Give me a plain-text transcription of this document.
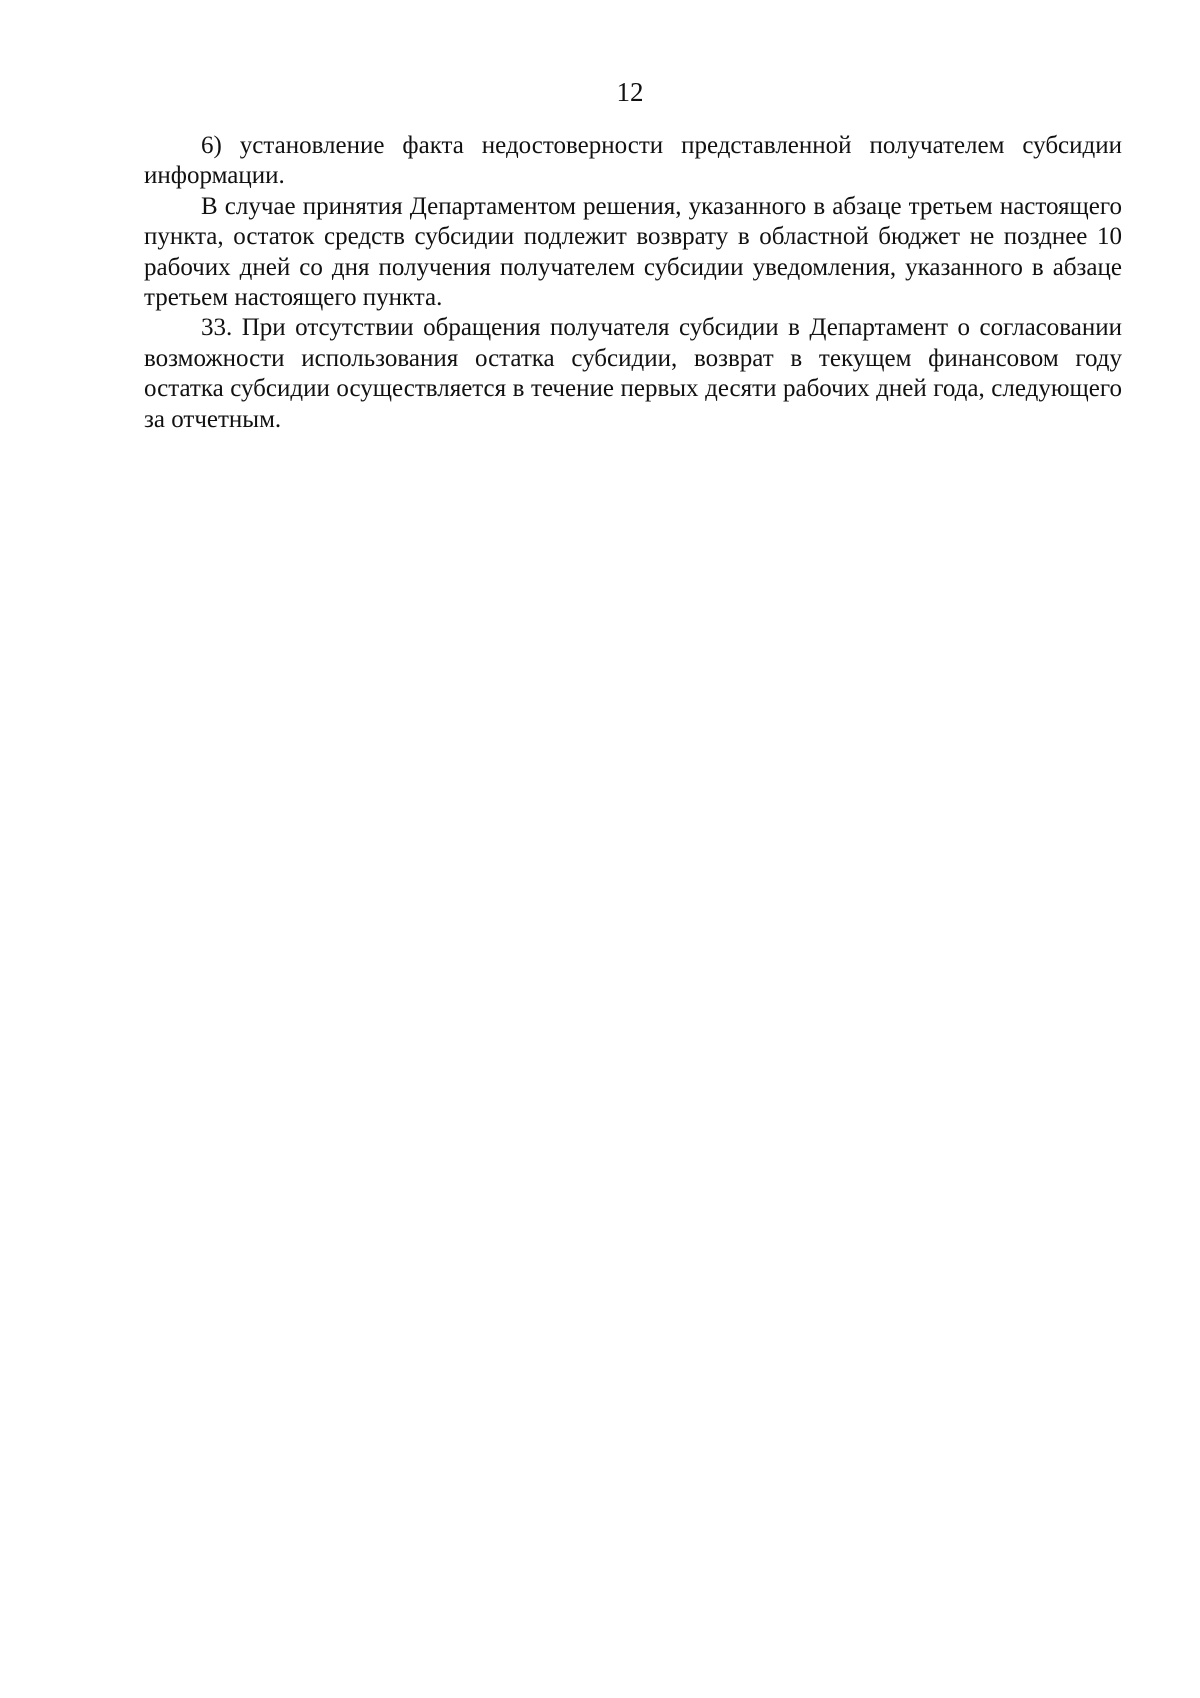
12

6) установление факта недостоверности представленной получателем субсидии информации.

В случае принятия Департаментом решения, указанного в абзаце третьем настоящего пункта, остаток средств субсидии подлежит возврату в областной бюджет не позднее 10 рабочих дней со дня получения получателем субсидии уведомления, указанного в абзаце третьем настоящего пункта.

33. При отсутствии обращения получателя субсидии в Департамент о согласовании возможности использования остатка субсидии, возврат в текущем финансовом году остатка субсидии осуществляется в течение первых десяти рабочих дней года, следующего за отчетным.
